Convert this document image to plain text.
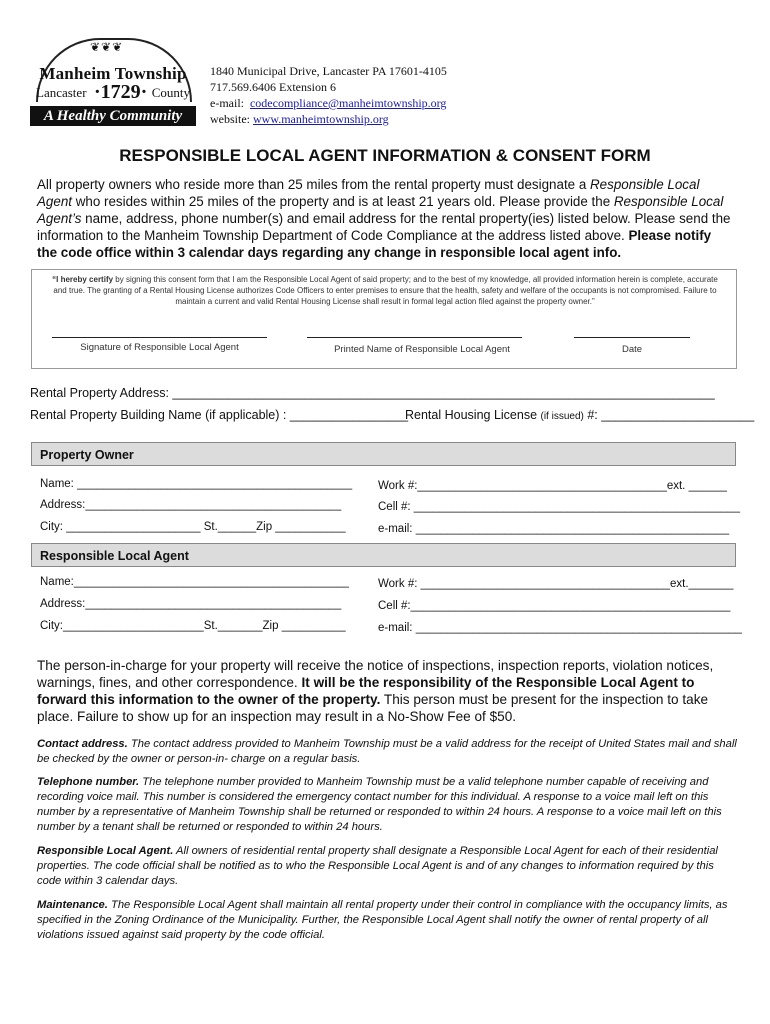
❦❦❦
Manheim Township
Lancaster ·1729· County
A Healthy Community
1840 Municipal Drive, Lancaster PA 17601-4105
717.569.6406 Extension 6
e-mail: codecompliance@manheimtownship.org
website: www.manheimtownship.org
RESPONSIBLE LOCAL AGENT INFORMATION & CONSENT FORM
All property owners who reside more than 25 miles from the rental property must designate a Responsible Local Agent who resides within 25 miles of the property and is at least 21 years old. Please provide the Responsible Local Agent’s name, address, phone number(s) and email address for the rental property(ies) listed below. Please send the information to the Manheim Township Department of Code Compliance at the address listed above. Please notify the code office within 3 calendar days regarding any change in responsible local agent info.
“I hereby certify by signing this consent form that I am the Responsible Local Agent of said property; and to the best of my knowledge, all provided information herein is complete, accurate and true. The granting of a Rental Housing License authorizes Code Officers to enter premises to ensure that the health, safety and welfare of the occupants is not compromised. Failure to maintain a current and valid Rental Housing License shall result in formal legal action filed against the property owner.”
Signature of Responsible Local Agent	Printed Name of Responsible Local Agent	Date
Rental Property Address: ______________________________________________________________________________
Rental Property Building Name (if applicable) : _________________
Rental Housing License (if issued) #: ______________________
Property Owner
Name: ___________________________________________ Work #:_______________________________________ext. ______
Address:________________________________________	Cell #: ___________________________________________________
City: _____________________ St.______Zip ___________	e-mail: _________________________________________________
Responsible Local Agent
Name:___________________________________________	Work #: _______________________________________ext._______
Address:________________________________________	Cell #:__________________________________________________
City:______________________St._______Zip __________	e-mail: ___________________________________________________
The person-in-charge for your property will receive the notice of inspections, inspection reports, violation notices, warnings, fines, and other correspondence. It will be the responsibility of the Responsible Local Agent to forward this information to the owner of the property. This person must be present for the inspection to take place. Failure to show up for an inspection may result in a No-Show Fee of $50.
Contact address. The contact address provided to Manheim Township must be a valid address for the receipt of United States mail and shall be checked by the owner or person-in- charge on a regular basis.
Telephone number. The telephone number provided to Manheim Township must be a valid telephone number capable of receiving and recording voice mail. This number is considered the emergency contact number for this individual. A response to a voice mail left on this number by a representative of Manheim Township shall be returned or responded to within 24 hours. A response to a voice mail left on this number by a tenant shall be returned or responded to within 24 hours.
Responsible Local Agent. All owners of residential rental property shall designate a Responsible Local Agent for each of their residential properties. The code official shall be notified as to who the Responsible Local Agent is and of any changes to information required by this code within 3 calendar days.
Maintenance. The Responsible Local Agent shall maintain all rental property under their control in compliance with the occupancy limits, as specified in the Zoning Ordinance of the Municipality. Further, the Responsible Local Agent shall notify the owner of rental property of all violations issued against said property by the code official.
